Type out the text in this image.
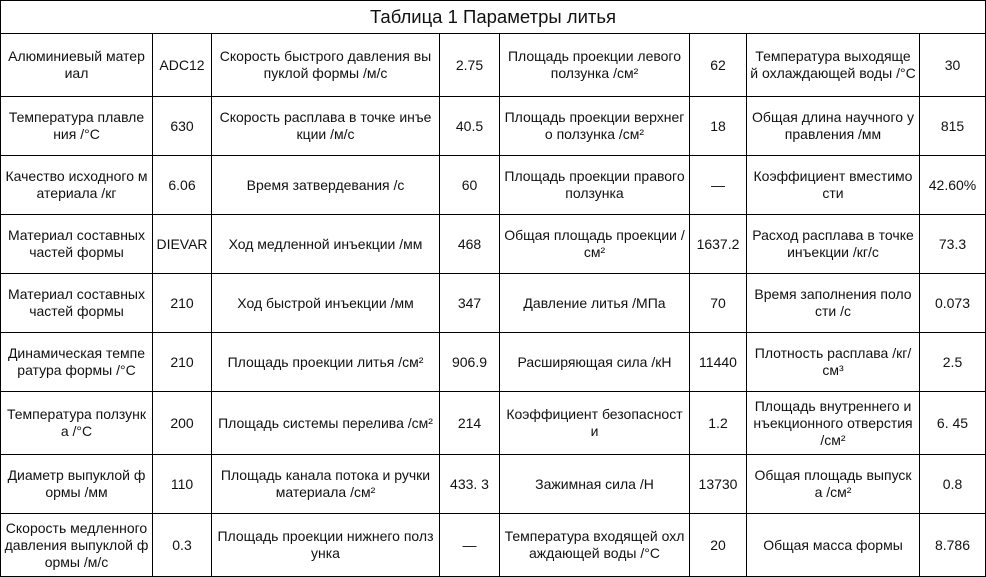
Таблица 1 Параметры литья							
Алюминиевый матер иал	ADC12	Скорость быстрого давления вы пуклой формы /м/с	2.75	Площадь проекции левого ползунка /см²	62	Температура выходяще й охлаждающей воды /°C	30
Температура плавле ния /°C	630	Скорость расплава в точке инъе кции /м/с	40.5	Площадь проекции верхнег о ползунка /см²	18	Общая длина научного у правления /мм	815
Качество исходного м атериала /кг	6.06	Время затвердевания /с	60	Площадь проекции правого ползунка	—	Коэффициент вместимо сти	42.60%
Материал составных частей формы	DIEVAR	Ход медленной инъекции /мм	468	Общая площадь проекции /см²	1637.2	Расход расплава в точке инъекции /кг/с	73.3
Материал составных частей формы	210	Ход быстрой инъекции /мм	347	Давление литья /МПа	70	Время заполнения поло сти /с	0.073
Динамическая темпе ратура формы /°C	210	Площадь проекции литья /см²	906.9	Расширяющая сила /кН	11440	Плотность расплава /кг/ см³	2.5
Температура ползунк а /°C	200	Площадь системы перелива /см²	214	Коэффициент безопасност и	1.2	Площадь внутреннего и нъекционного отверстия /см²	6. 45
Диаметр выпуклой ф ормы /мм	110	Площадь канала потока и ручки материала /см²	433. 3	Зажимная сила /Н	13730	Общая площадь выпуск а /см²	0.8
Скорость медленного давления выпуклой ф ормы /м/с	0.3	Площадь проекции нижнего полз унка	—	Температура входящей охл аждающей воды /°C	20	Общая масса формы	8.786
